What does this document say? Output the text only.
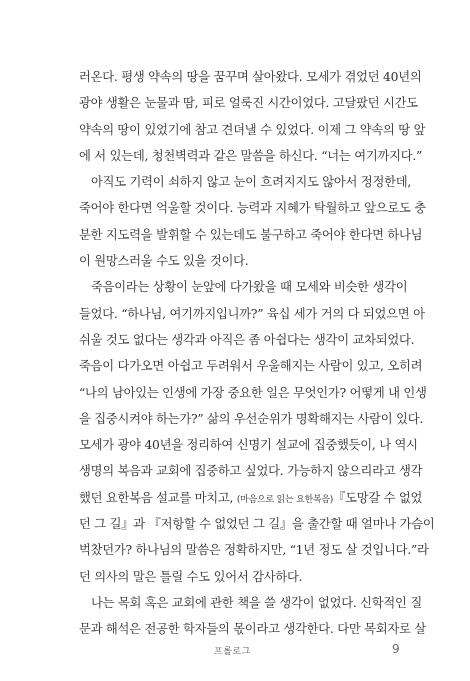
러온다. 평생 약속의 땅을 꿈꾸며 살아왔다. 모세가 겪었던 40년의
광야 생활은 눈물과 땀, 피로 얼룩진 시간이었다. 고달팠던 시간도
약속의 땅이 있었기에 참고 견뎌낼 수 있었다. 이제 그 약속의 땅 앞
에 서 있는데, 청천벽력과 같은 말씀을 하신다. “너는 여기까지다.”
아직도 기력이 쇠하지 않고 눈이 흐려지지도 않아서 정정한데,
죽어야 한다면 억울할 것이다. 능력과 지혜가 탁월하고 앞으로도 충
분한 지도력을 발휘할 수 있는데도 불구하고 죽어야 한다면 하나님
이 원망스러울 수도 있을 것이다.
죽음이라는 상황이 눈앞에 다가왔을 때 모세와 비슷한 생각이
들었다. “하나님, 여기까지입니까?” 육십 세가 거의 다 되었으면 아
쉬울 것도 없다는 생각과 아직은 좀 아쉽다는 생각이 교차되었다.
죽음이 다가오면 아쉽고 두려워서 우울해지는 사람이 있고, 오히려
“나의 남아있는 인생에 가장 중요한 일은 무엇인가? 어떻게 내 인생
을 집중시켜야 하는가?” 삶의 우선순위가 명확해지는 사람이 있다.
모세가 광야 40년을 정리하여 신명기 설교에 집중했듯이, 나 역시
생명의 복음과 교회에 집중하고 싶었다. 가능하지 않으리라고 생각
했던 요한복음 설교를 마치고, (마음으로 읽는 요한복음)『도망갈 수 없었
던 그 길』과 『저항할 수 없었던 그 길』을 출간할 때 얼마나 가슴이
벅찼던가? 하나님의 말씀은 정확하지만, “1년 정도 살 것입니다.”라
던 의사의 말은 틀릴 수도 있어서 감사하다.
나는 목회 혹은 교회에 관한 책을 쓸 생각이 없었다. 신학적인 질
문과 해석은 전공한 학자들의 몫이라고 생각한다. 다만 목회자로 살
프롤로그	9
